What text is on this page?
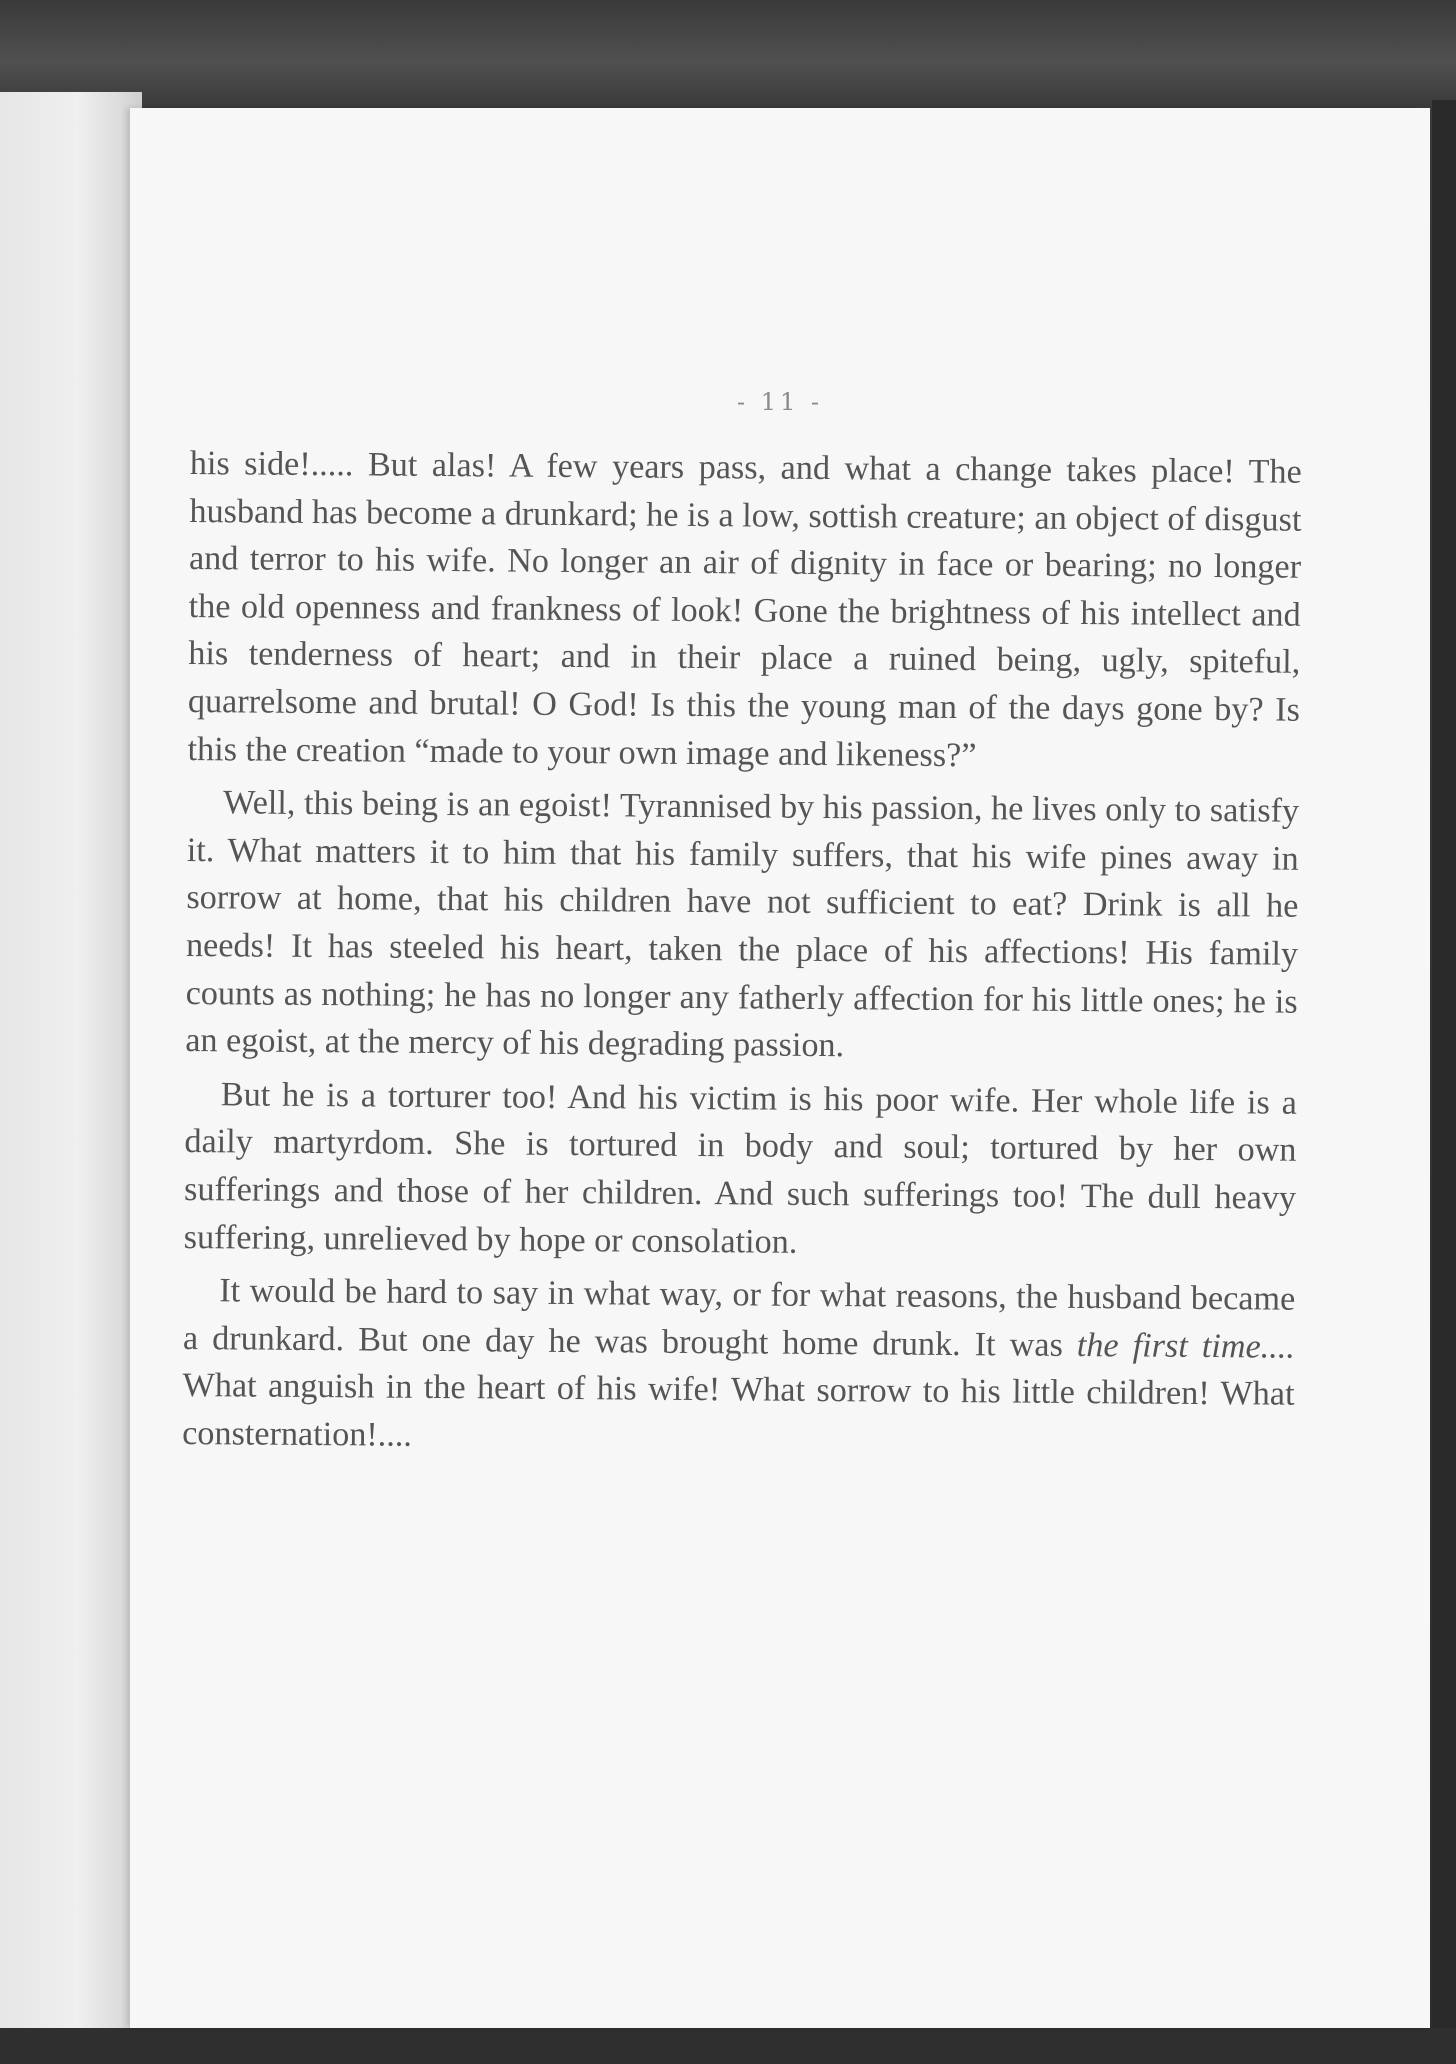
- 11 -

his side!..... But alas! A few years pass, and what a change takes place! The husband has become a drunkard; he is a low, sottish creature; an object of disgust and terror to his wife. No longer an air of dignity in face or bearing; no longer the old openness and frankness of look! Gone the brightness of his intellect and his tenderness of heart; and in their place a ruined being, ugly, spiteful, quarrelsome and brutal! O God! Is this the young man of the days gone by? Is this the creation “made to your own image and likeness?”

Well, this being is an egoist! Tyrannised by his passion, he lives only to satisfy it. What matters it to him that his family suffers, that his wife pines away in sorrow at home, that his children have not sufficient to eat? Drink is all he needs! It has steeled his heart, taken the place of his affections! His family counts as nothing; he has no longer any fatherly affection for his little ones; he is an egoist, at the mercy of his degrading passion.

But he is a torturer too! And his victim is his poor wife. Her whole life is a daily martyrdom. She is tortured in body and soul; tortured by her own sufferings and those of her children. And such sufferings too! The dull heavy suffering, unrelieved by hope or consolation.

It would be hard to say in what way, or for what reasons, the husband became a drunkard. But one day he was brought home drunk. It was the first time.... What anguish in the heart of his wife! What sorrow to his little children! What consternation!....
